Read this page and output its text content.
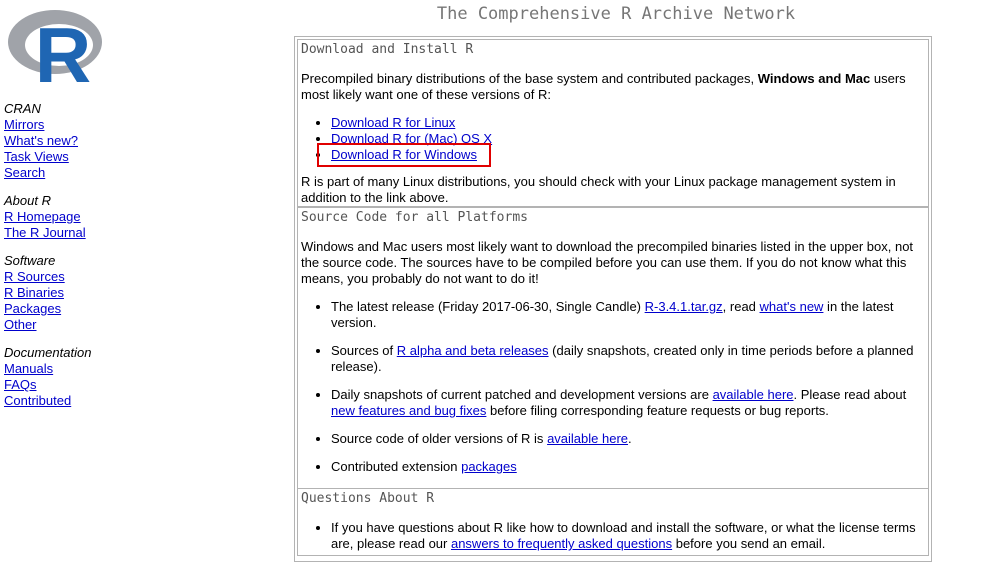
R
CRAN
Mirrors
What's new?
Task Views
Search
About R
R Homepage
The R Journal
Software
R Sources
R Binaries
Packages
Other
Documentation
Manuals
FAQs
Contributed
The Comprehensive R Archive Network
Download and Install R

Precompiled binary distributions of the base system and contributed packages, Windows and Mac users most likely want one of these versions of R:

• Download R for Linux
• Download R for (Mac) OS X
• Download R for Windows

R is part of many Linux distributions, you should check with your Linux package management system in addition to the link above.

Source Code for all Platforms

Windows and Mac users most likely want to download the precompiled binaries listed in the upper box, not the source code. The sources have to be compiled before you can use them. If you do not know what this means, you probably do not want to do it!

• The latest release (Friday 2017-06-30, Single Candle) R-3.4.1.tar.gz, read what's new in the latest version.
• Sources of R alpha and beta releases (daily snapshots, created only in time periods before a planned release).
• Daily snapshots of current patched and development versions are available here. Please read about new features and bug fixes before filing corresponding feature requests or bug reports.
• Source code of older versions of R is available here.
• Contributed extension packages
Questions About R
• If you have questions about R like how to download and install the software, or what the license terms are, please read our answers to frequently asked questions before you send an email.
